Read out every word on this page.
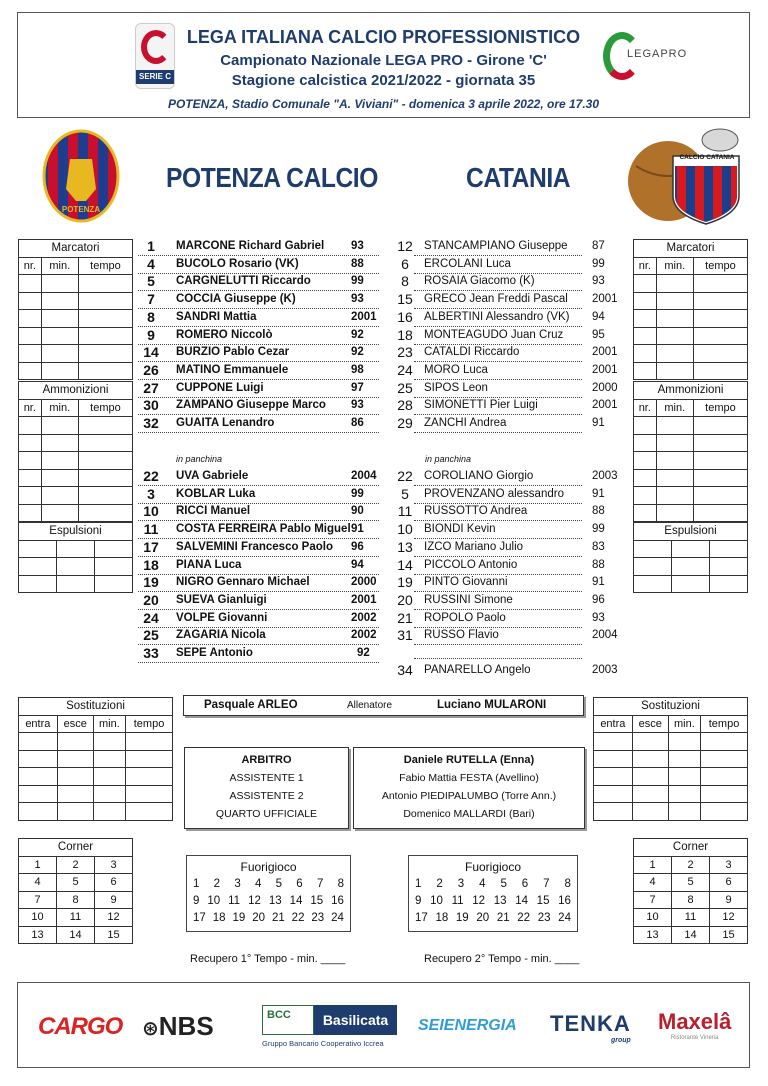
SERIE C
LEGA ITALIANA CALCIO PROFESSIONISTICO
Campionato Nazionale LEGA PRO - Girone 'C'
Stagione calcistica 2021/2022 - giornata 35
POTENZA, Stadio Comunale "A. Viviani" - domenica 3 aprile 2022, ore 17.30
LEGAPRO
POTENZA
POTENZA CALCIO	CATANIA
CALCIO CATANIA
Marcatori		
nr.	min.	tempo

Ammonizioni		
nr.	min.	tempo

Espulsioni		

Marcatori		
nr.	min.	tempo

Ammonizioni		
nr.	min.	tempo

Espulsioni		

1	MARCONE Richard Gabriel 93
4	BUCOLO Rosario (VK)	88
5	CARGNELUTTI Riccardo	99
7	COCCIA Giuseppe (K)	93
8	SANDRI Mattia	2001
9	ROMERO Niccolò	92
14	BURZIO Pablo Cezar	92
26	MATINO Emmanuele	98
27	CUPPONE Luigi	97
30	ZAMPANO Giuseppe Marco 93
32	GUAITA Lenandro	86
22	UVA Gabriele	2004
3	KOBLAR Luka	99
10	RICCI Manuel	90
11	COSTA FERREIRA Pablo Miguel 91
17	SALVEMINI Francesco Paolo 96
18	PIANA Luca	94
19	NIGRO Gennaro Michael	2000
20	SUEVA Gianluigi	2001
24	VOLPE Giovanni	2002
25	ZAGARIA Nicola	2002
33	SEPE Antonio	92
12 STANCAMPIANO Giuseppe 87
6	ERCOLANI Luca	99
8	ROSAIA Giacomo (K)	93
15 GRECO Jean Freddi Pascal 2001
16 ALBERTINI Alessandro (VK) 94
18 MONTEAGUDO Juan Cruz 95
23 CATALDI Riccardo	2001
24 MORO Luca	2001
25 SIPOS Leon	2000
28 SIMONETTI Pier Luigi	2001
29 ZANCHI Andrea	91
22 COROLIANO Giorgio	2003
5	PROVENZANO alessandro 91
11	RUSSOTTO Andrea	88
10 BIONDI Kevin	99
13 IZCO Mariano Julio	83
14 PICCOLO Antonio	88
19 PINTO Giovanni	91
20 RUSSINI Simone	96
21 ROPOLO Paolo	93
31 RUSSO Flavio	2004
34 PANARELLO Angelo	2003
in panchina	in panchina
Sostituzioni			
entra	esce	min.	tempo

Sostituzioni			
entra	esce	min.	tempo

Pasquale ARLEO	Allenatore	Luciano MULARONI
ARBITRO
ASSISTENTE 1
ASSISTENTE 2
QUARTO UFFICIALE
Daniele RUTELLA (Enna)
Fabio Mattia FESTA (Avellino)
Antonio PIEDIPALUMBO (Torre Ann.)
Domenico MALLARDI (Bari)
Corner		
1	2	3
4	5	6
7	8	9
10	11	12
13	14	15
Corner		
1	2	3
4	5	6
7	8	9
10	11	12
13	14	15
Fuorigioco
1 2 3 4 5 6 7 8
9 10 11 12 13 14 15 16
17 18 19 20 21 22 23 24
Fuorigioco
1 2 3 4 5 6 7 8
9 10 11 12 13 14 15 16
17 18 19 20 21 22 23 24
Recupero 1° Tempo - min. ____	Recupero 2° Tempo - min. ____
CARGO ⊛NBS	BCC	Basilicata
Gruppo Bancario Cooperativo Iccrea
SEIENERGIA TENKA
group
Maxelâ
Ristorante Vineria
